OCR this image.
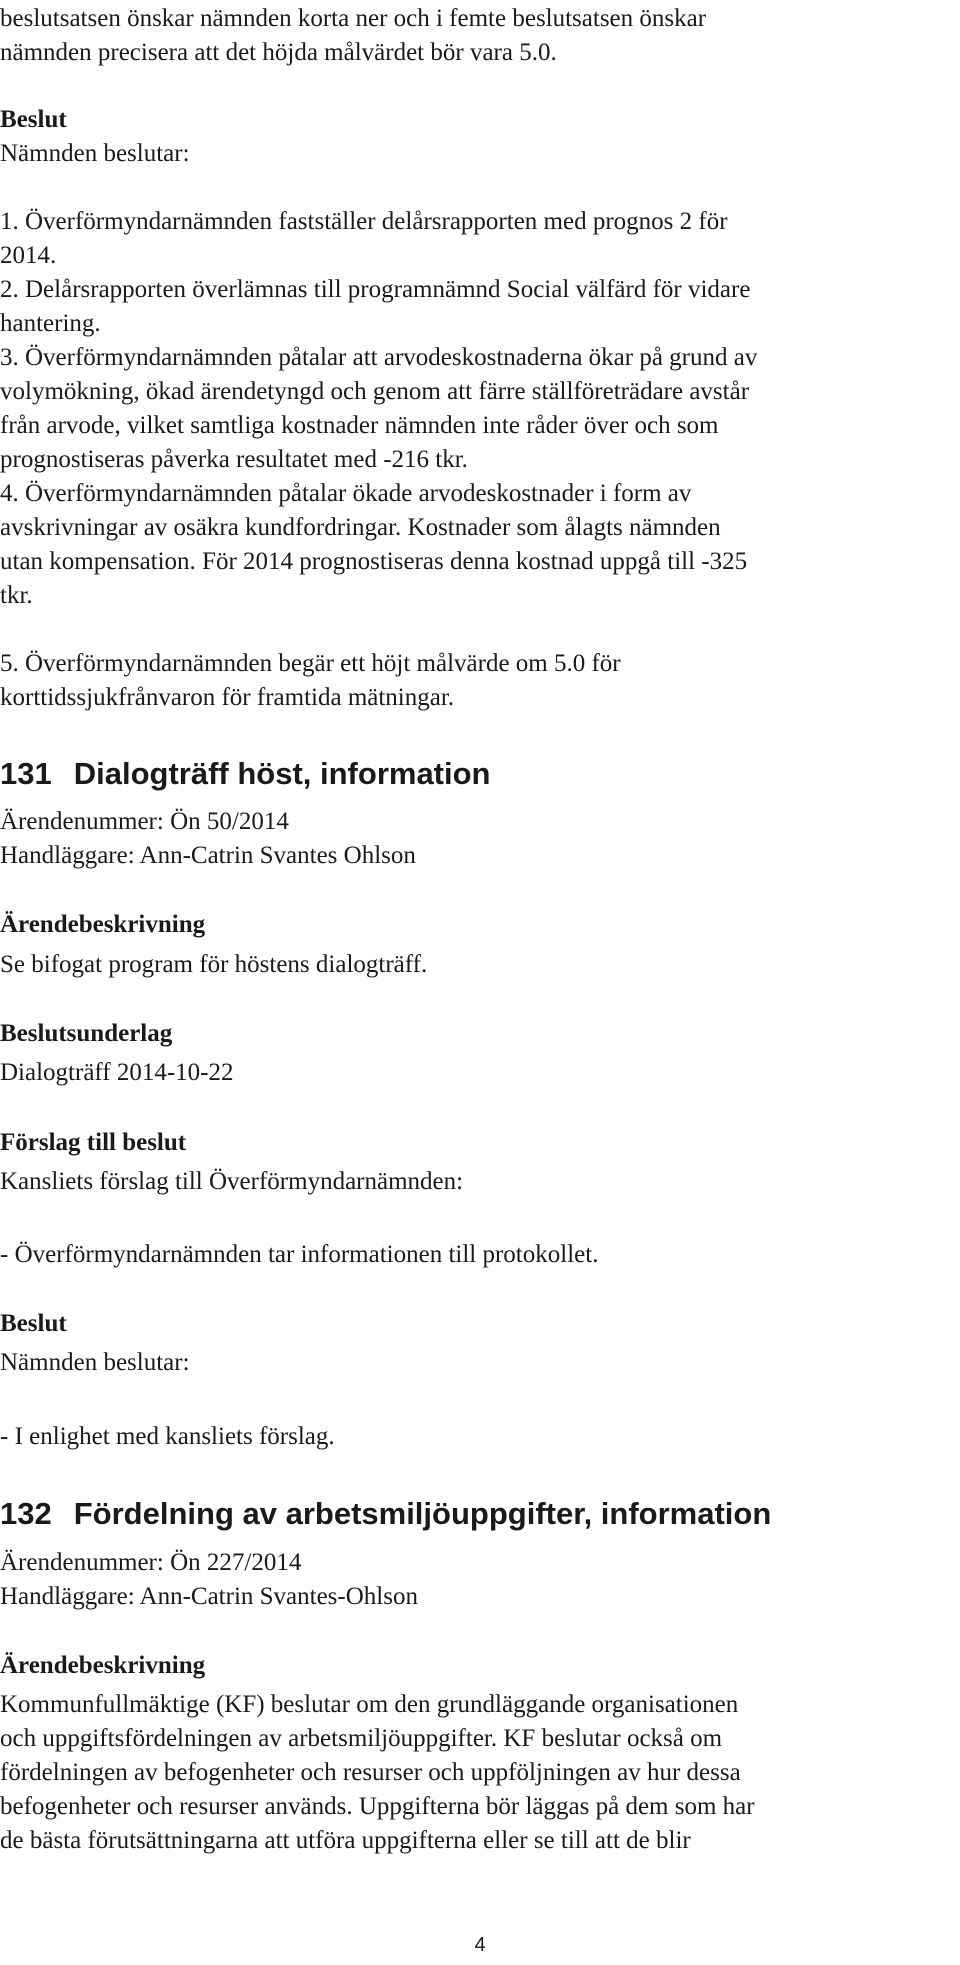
beslutsatsen önskar nämnden korta ner och i femte beslutsatsen önskar

nämnden precisera att det höjda målvärdet bör vara 5.0.

Beslut

Nämnden beslutar:

1. Överförmyndarnämnden fastställer delårsrapporten med prognos 2 för

2014.

2. Delårsrapporten överlämnas till programnämnd Social välfärd för vidare

hantering.

3. Överförmyndarnämnden påtalar att arvodeskostnaderna ökar på grund av

volymökning, ökad ärendetyngd och genom att färre ställföreträdare avstår

från arvode, vilket samtliga kostnader nämnden inte råder över och som

prognostiseras påverka resultatet med -216 tkr.

4. Överförmyndarnämnden påtalar ökade arvodeskostnader i form av

avskrivningar av osäkra kundfordringar. Kostnader som ålagts nämnden

utan kompensation. För 2014 prognostiseras denna kostnad uppgå till -325

tkr.

5. Överförmyndarnämnden begär ett höjt målvärde om 5.0 för

korttidssjukfrånvaron för framtida mätningar.

131 Dialogträff höst, information

Ärendenummer: Ön 50/2014

Handläggare: Ann-Catrin Svantes Ohlson

Ärendebeskrivning

Se bifogat program för höstens dialogträff.

Beslutsunderlag

Dialogträff 2014-10-22

Förslag till beslut

Kansliets förslag till Överförmyndarnämnden:

- Överförmyndarnämnden tar informationen till protokollet.

Beslut

Nämnden beslutar:

- I enlighet med kansliets förslag.

132 Fördelning av arbetsmiljöuppgifter, information

Ärendenummer: Ön 227/2014

Handläggare: Ann-Catrin Svantes-Ohlson

Ärendebeskrivning

Kommunfullmäktige (KF) beslutar om den grundläggande organisationen

och uppgiftsfördelningen av arbetsmiljöuppgifter. KF beslutar också om

fördelningen av befogenheter och resurser och uppföljningen av hur dessa

befogenheter och resurser används. Uppgifterna bör läggas på dem som har

de bästa förutsättningarna att utföra uppgifterna eller se till att de blir

4
